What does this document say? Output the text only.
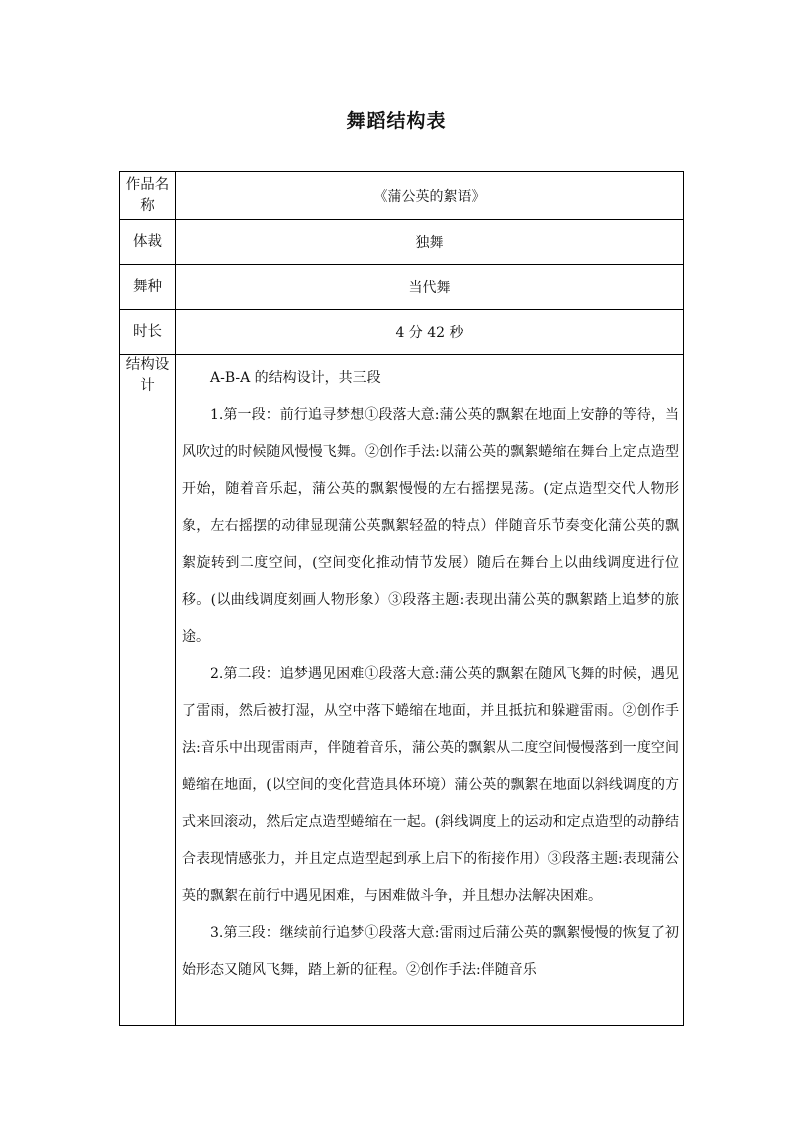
舞蹈结构表
作品名称	《蒲公英的絮语》
体裁	独舞
舞种	当代舞
时长	4 分 42 秒
结构设计	A-B-A 的结构设计，共三段

1.第一段：前行追寻梦想①段落大意:蒲公英的飘絮在地面上安静的等待，当风吹过的时候随风慢慢飞舞。②创作手法:以蒲公英的飘絮蜷缩在舞台上定点造型开始，随着音乐起，蒲公英的飘絮慢慢的左右摇摆晃荡。(定点造型交代人物形象，左右摇摆的动律显现蒲公英飘絮轻盈的特点）伴随音乐节奏变化蒲公英的飘絮旋转到二度空间，(空间变化推动情节发展）随后在舞台上以曲线调度进行位移。(以曲线调度刻画人物形象）③段落主题:表现出蒲公英的飘絮踏上追梦的旅途。

2.第二段：追梦遇见困难①段落大意:蒲公英的飘絮在随风飞舞的时候，遇见了雷雨，然后被打湿，从空中落下蜷缩在地面，并且抵抗和躲避雷雨。②创作手法:音乐中出现雷雨声，伴随着音乐，蒲公英的飘絮从二度空间慢慢落到一度空间蜷缩在地面，(以空间的变化营造具体环境）蒲公英的飘絮在地面以斜线调度的方式来回滚动，然后定点造型蜷缩在一起。(斜线调度上的运动和定点造型的动静结合表现情感张力，并且定点造型起到承上启下的衔接作用）③段落主题:表现蒲公英的飘絮在前行中遇见困难，与困难做斗争，并且想办法解决困难。

3.第三段：继续前行追梦①段落大意:雷雨过后蒲公英的飘絮慢慢的恢复了初始形态又随风飞舞，踏上新的征程。②创作手法:伴随音乐
